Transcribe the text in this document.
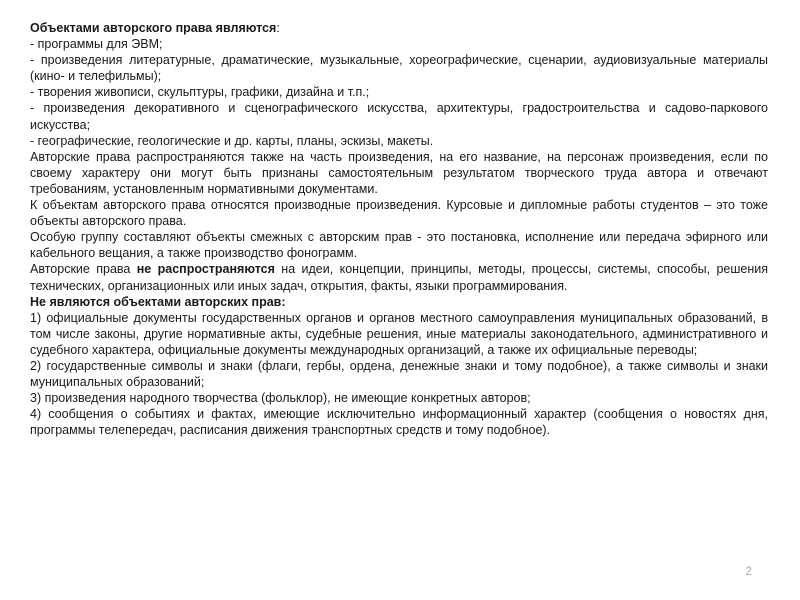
Объектами авторского права являются:

- программы для ЭВМ;

- произведения литературные, драматические, музыкальные, хореографические, сценарии, аудиовизуальные материалы (кино- и телефильмы);

- творения живописи, скульптуры, графики, дизайна и т.п.;

- произведения декоративного и сценографического искусства, архитектуры, градостроительства и садово-паркового искусства;

- географические, геологические и др. карты, планы, эскизы, макеты.

Авторские права распространяются также на часть произведения, на его название, на персонаж произведения, если по своему характеру они могут быть признаны самостоятельным результатом творческого труда автора и отвечают требованиям, установленным нормативными документами.

К объектам авторского права относятся производные произведения. Курсовые и дипломные работы студентов – это тоже объекты авторского права.

Особую группу составляют объекты смежных с авторским прав - это постановка, исполнение или передача эфирного или кабельного вещания, а также производство фонограмм.

Авторские права не распространяются на идеи, концепции, принципы, методы, процессы, системы, способы, решения технических, организационных или иных задач, открытия, факты, языки программирования.

Не являются объектами авторских прав:

1) официальные документы государственных органов и органов местного самоуправления муниципальных образований, в том числе законы, другие нормативные акты, судебные решения, иные материалы законодательного, административного и судебного характера, официальные документы международных организаций, а также их официальные переводы;

2) государственные символы и знаки (флаги, гербы, ордена, денежные знаки и тому подобное), а также символы и знаки муниципальных образований;

3) произведения народного творчества (фольклор), не имеющие конкретных авторов;

4) сообщения о событиях и фактах, имеющие исключительно информационный характер (сообщения о новостях дня, программы телепередач, расписания движения транспортных средств и тому подобное).

2
